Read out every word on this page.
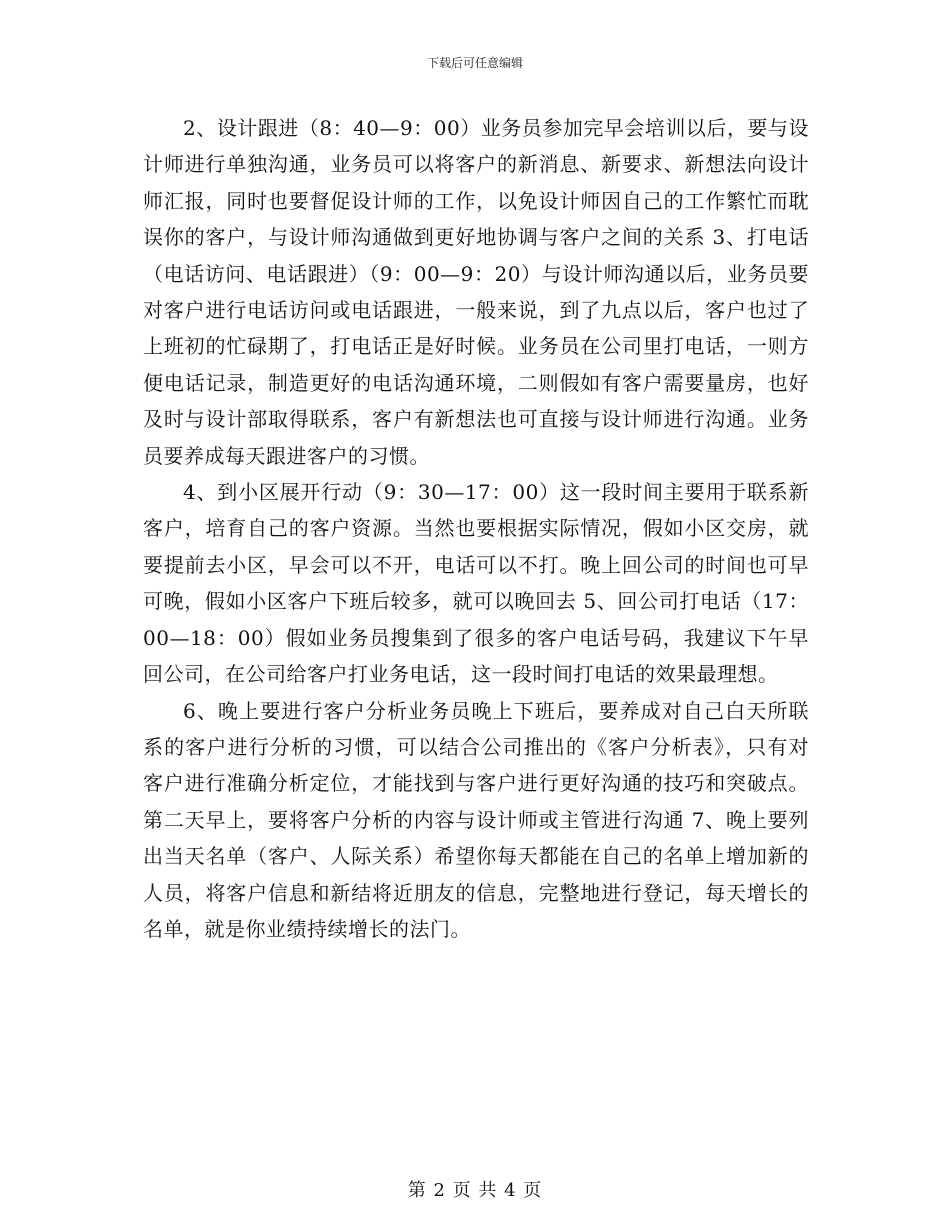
下载后可任意编辑

2、设计跟进（8：40—9：00）业务员参加完早会培训以后，要与设计师进行单独沟通，业务员可以将客户的新消息、新要求、新想法向设计师汇报，同时也要督促设计师的工作，以免设计师因自己的工作繁忙而耽误你的客户，与设计师沟通做到更好地协调与客户之间的关系 3、打电话（电话访问、电话跟进）（9：00—9：20）与设计师沟通以后，业务员要对客户进行电话访问或电话跟进，一般来说，到了九点以后，客户也过了上班初的忙碌期了，打电话正是好时候。业务员在公司里打电话，一则方便电话记录，制造更好的电话沟通环境，二则假如有客户需要量房，也好及时与设计部取得联系，客户有新想法也可直接与设计师进行沟通。业务员要养成每天跟进客户的习惯。

4、到小区展开行动（9：30—17：00）这一段时间主要用于联系新客户，培育自己的客户资源。当然也要根据实际情况，假如小区交房，就要提前去小区，早会可以不开，电话可以不打。晚上回公司的时间也可早可晚，假如小区客户下班后较多，就可以晚回去 5、回公司打电话（17：00—18：00）假如业务员搜集到了很多的客户电话号码，我建议下午早回公司，在公司给客户打业务电话，这一段时间打电话的效果最理想。

6、晚上要进行客户分析业务员晚上下班后，要养成对自己白天所联系的客户进行分析的习惯，可以结合公司推出的《客户分析表》，只有对客户进行准确分析定位，才能找到与客户进行更好沟通的技巧和突破点。第二天早上，要将客户分析的内容与设计师或主管进行沟通 7、晚上要列出当天名单（客户、人际关系）希望你每天都能在自己的名单上增加新的人员，将客户信息和新结将近朋友的信息，完整地进行登记，每天增长的名单，就是你业绩持续增长的法门。

第 2 页 共 4 页
